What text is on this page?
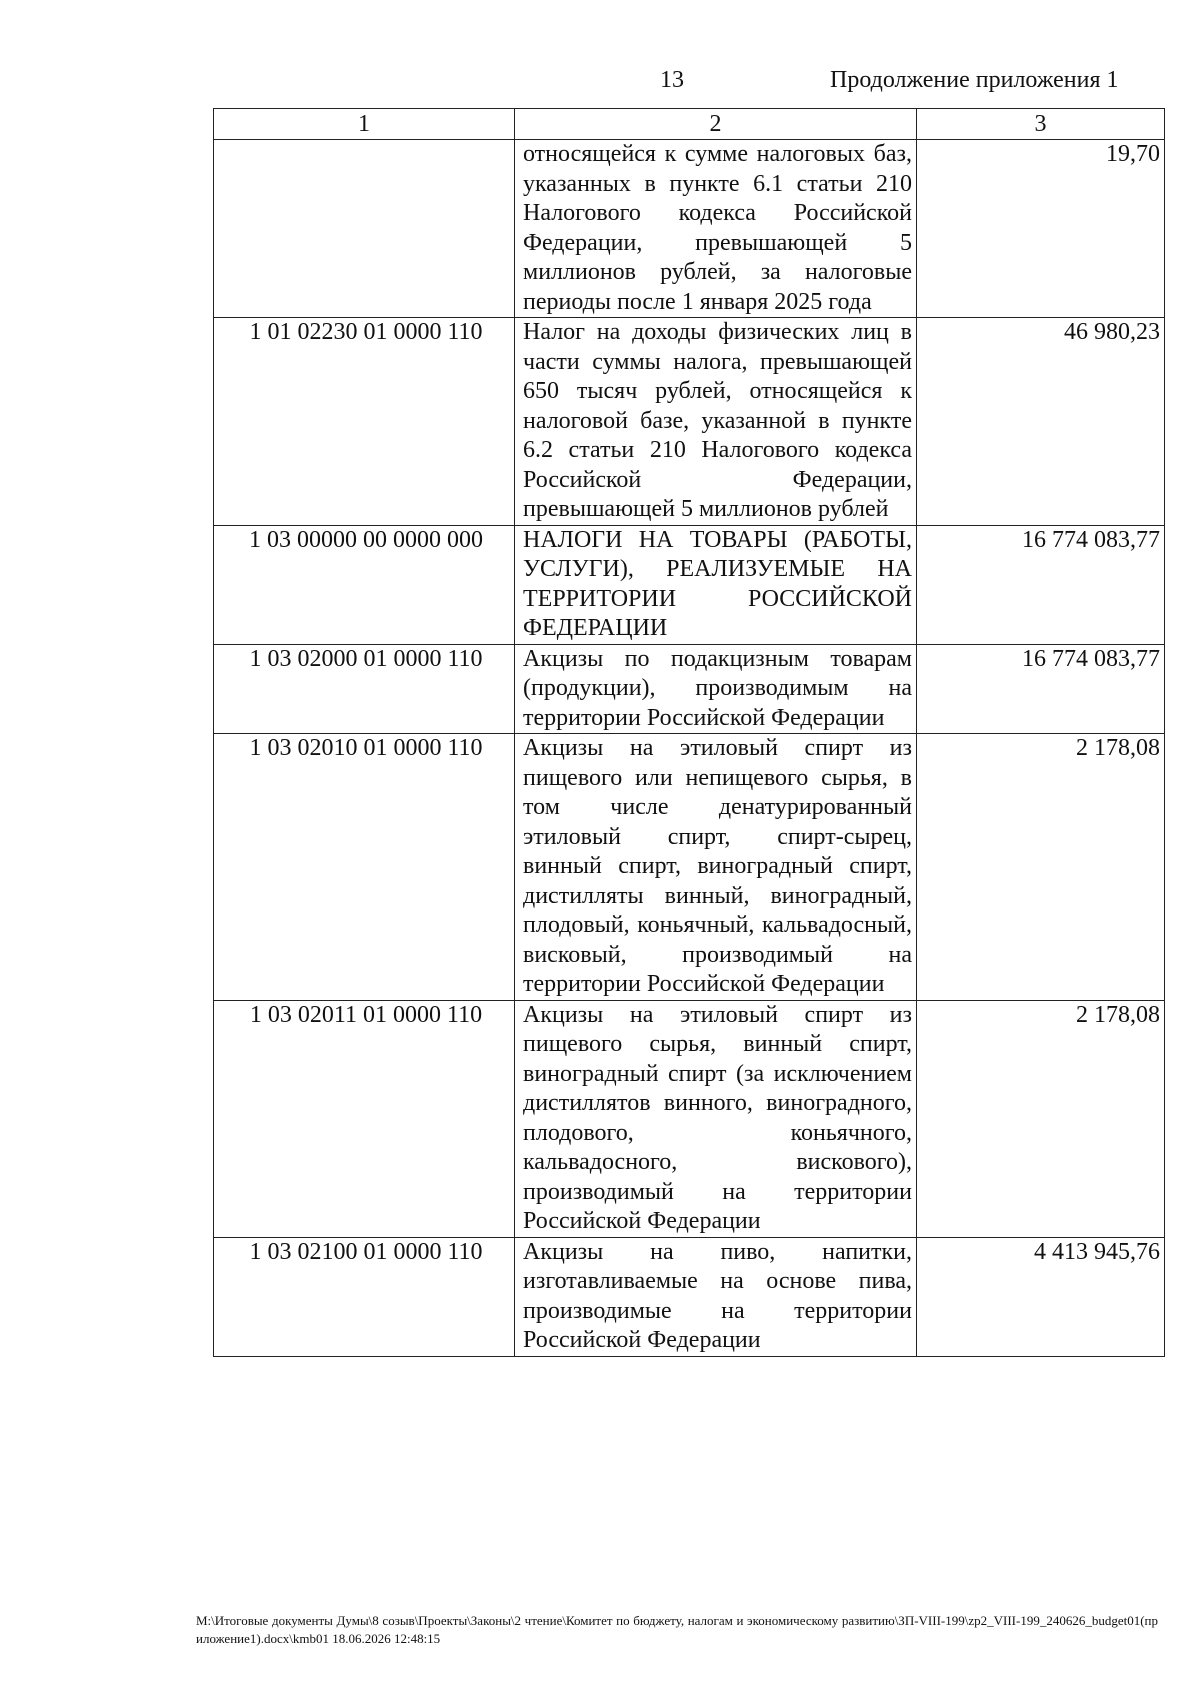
13	Продолжение приложения 1
1	2	3
	относящейся к сумме налоговых баз, указанных в пункте 6.1 статьи 210 Налогового кодекса Российской Федерации, превышающей 5 миллионов рублей, за налоговые периоды после 1 января 2025 года	19,70
1 01 02230 01 0000 110	Налог на доходы физических лиц в части суммы налога, превышающей 650 тысяч рублей, относящейся к налоговой базе, указанной в пункте 6.2 статьи 210 Налогового кодекса Российской Федерации, превышающей 5 миллионов рублей	46 980,23
1 03 00000 00 0000 000	НАЛОГИ НА ТОВАРЫ (РАБОТЫ, УСЛУГИ), РЕАЛИЗУЕМЫЕ НА ТЕРРИТОРИИ РОССИЙСКОЙ ФЕДЕРАЦИИ	16 774 083,77
1 03 02000 01 0000 110	Акцизы по подакцизным товарам (продукции), производимым на территории Российской Федерации	16 774 083,77
1 03 02010 01 0000 110	Акцизы на этиловый спирт из пищевого или непищевого сырья, в том числе денатурированный этиловый спирт, спирт-сырец, винный спирт, виноградный спирт, дистилляты винный, виноградный, плодовый, коньячный, кальвадосный, висковый, производимый на территории Российской Федерации	2 178,08
1 03 02011 01 0000 110	Акцизы на этиловый спирт из пищевого сырья, винный спирт, виноградный спирт (за исключением дистиллятов винного, виноградного, плодового, коньячного, кальвадосного, вискового), производимый на территории Российской Федерации	2 178,08
1 03 02100 01 0000 110	Акцизы на пиво, напитки, изготавливаемые на основе пива, производимые на территории Российской Федерации	4 413 945,76
M:\Итоговые документы Думы\8 созыв\Проекты\Законы\2 чтение\Комитет по бюджету, налогам и экономическому развитию\ЗП-VIII-199\zp2_VIII-199_240626_budget01(приложение1).docx\kmb01 18.06.2026 12:48:15
